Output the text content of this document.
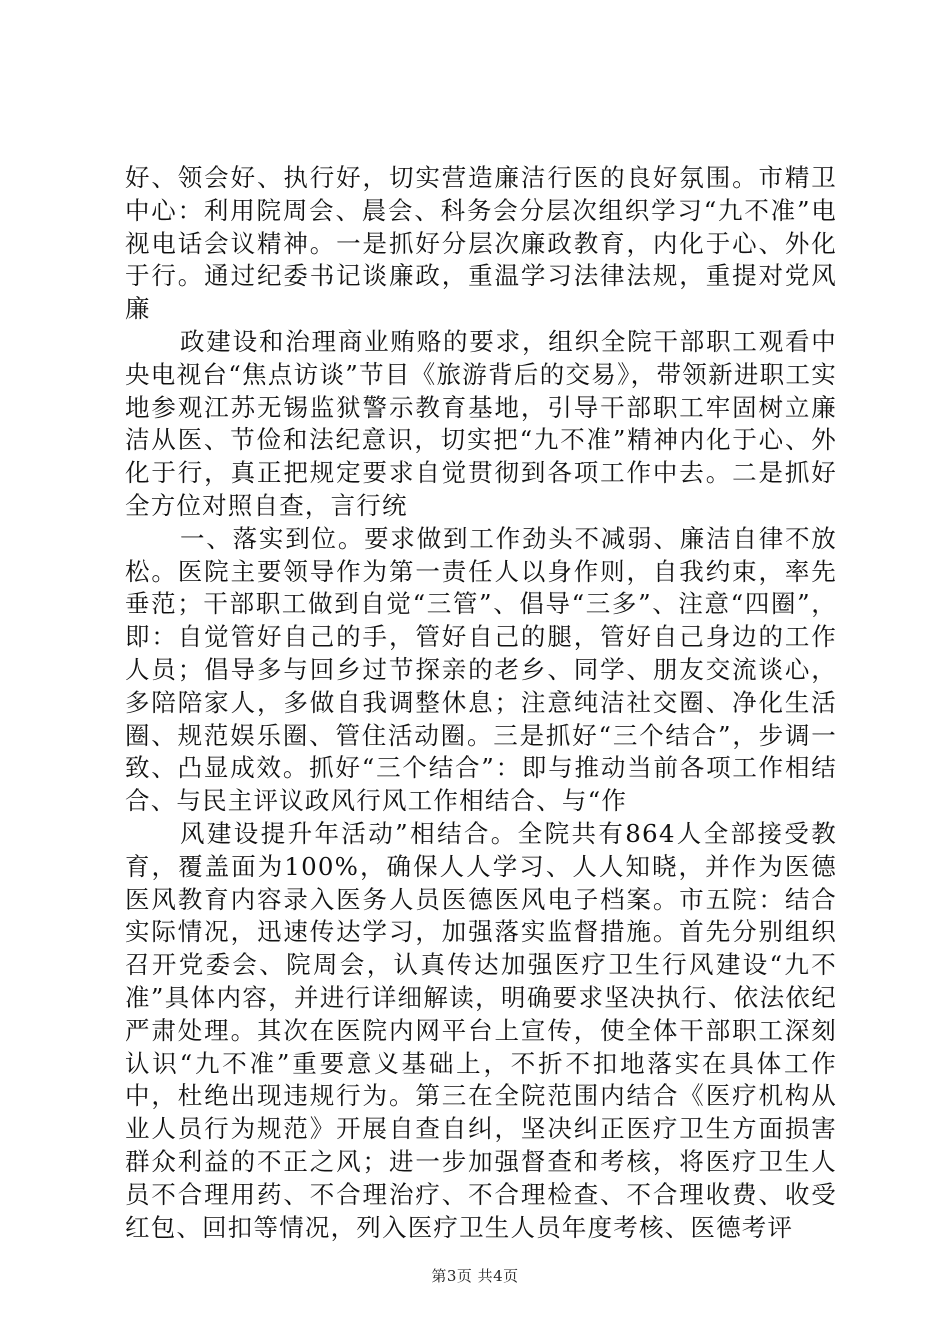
好、领会好、执行好，切实营造廉洁行医的良好氛围。市精卫中心：利用院周会、晨会、科务会分层次组织学习“九不准”电视电话会议精神。一是抓好分层次廉政教育，内化于心、外化于行。通过纪委书记谈廉政，重温学习法律法规，重提对党风廉

政建设和治理商业贿赂的要求，组织全院干部职工观看中央电视台“焦点访谈”节目《旅游背后的交易》，带领新进职工实地参观江苏无锡监狱警示教育基地，引导干部职工牢固树立廉洁从医、节俭和法纪意识，切实把“九不准”精神内化于心、外化于行，真正把规定要求自觉贯彻到各项工作中去。二是抓好全方位对照自查，言行统

一、落实到位。要求做到工作劲头不减弱、廉洁自律不放松。医院主要领导作为第一责任人以身作则，自我约束，率先垂范；干部职工做到自觉“三管”、倡导“三多”、注意“四圈”，即：自觉管好自己的手，管好自己的腿，管好自己身边的工作人员；倡导多与回乡过节探亲的老乡、同学、朋友交流谈心，多陪陪家人，多做自我调整休息；注意纯洁社交圈、净化生活圈、规范娱乐圈、管住活动圈。三是抓好“三个结合”，步调一致、凸显成效。抓好“三个结合”：即与推动当前各项工作相结合、与民主评议政风行风工作相结合、与“作

风建设提升年活动”相结合。全院共有864人全部接受教育，覆盖面为100%，确保人人学习、人人知晓，并作为医德医风教育内容录入医务人员医德医风电子档案。市五院：结合实际情况，迅速传达学习，加强落实监督措施。首先分别组织召开党委会、院周会，认真传达加强医疗卫生行风建设“九不准”具体内容，并进行详细解读，明确要求坚决执行、依法依纪严肃处理。其次在医院内网平台上宣传，使全体干部职工深刻认识“九不准”重要意义基础上，不折不扣地落实在具体工作中，杜绝出现违规行为。第三在全院范围内结合《医疗机构从业人员行为规范》开展自查自纠，坚决纠正医疗卫生方面损害群众利益的不正之风；进一步加强督查和考核，将医疗卫生人员不合理用药、不合理治疗、不合理检查、不合理收费、收受红包、回扣等情况，列入医疗卫生人员年度考核、医德考评

第3页 共4页
